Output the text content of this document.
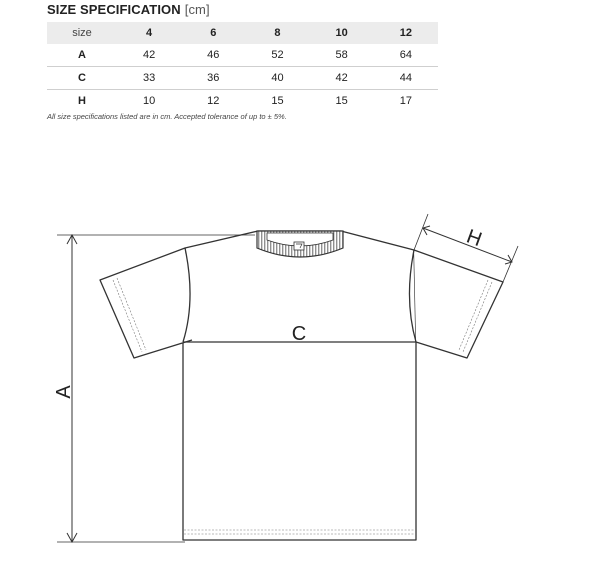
SIZE SPECIFICATION [cm]
size	4	6	8	10	12
A	42	46	52	58	64
C	33	36	40	42	44
H	10	12	15	15	17
All size specifications listed are in cm. Accepted tolerance of up to ± 5%.
A
C
H
